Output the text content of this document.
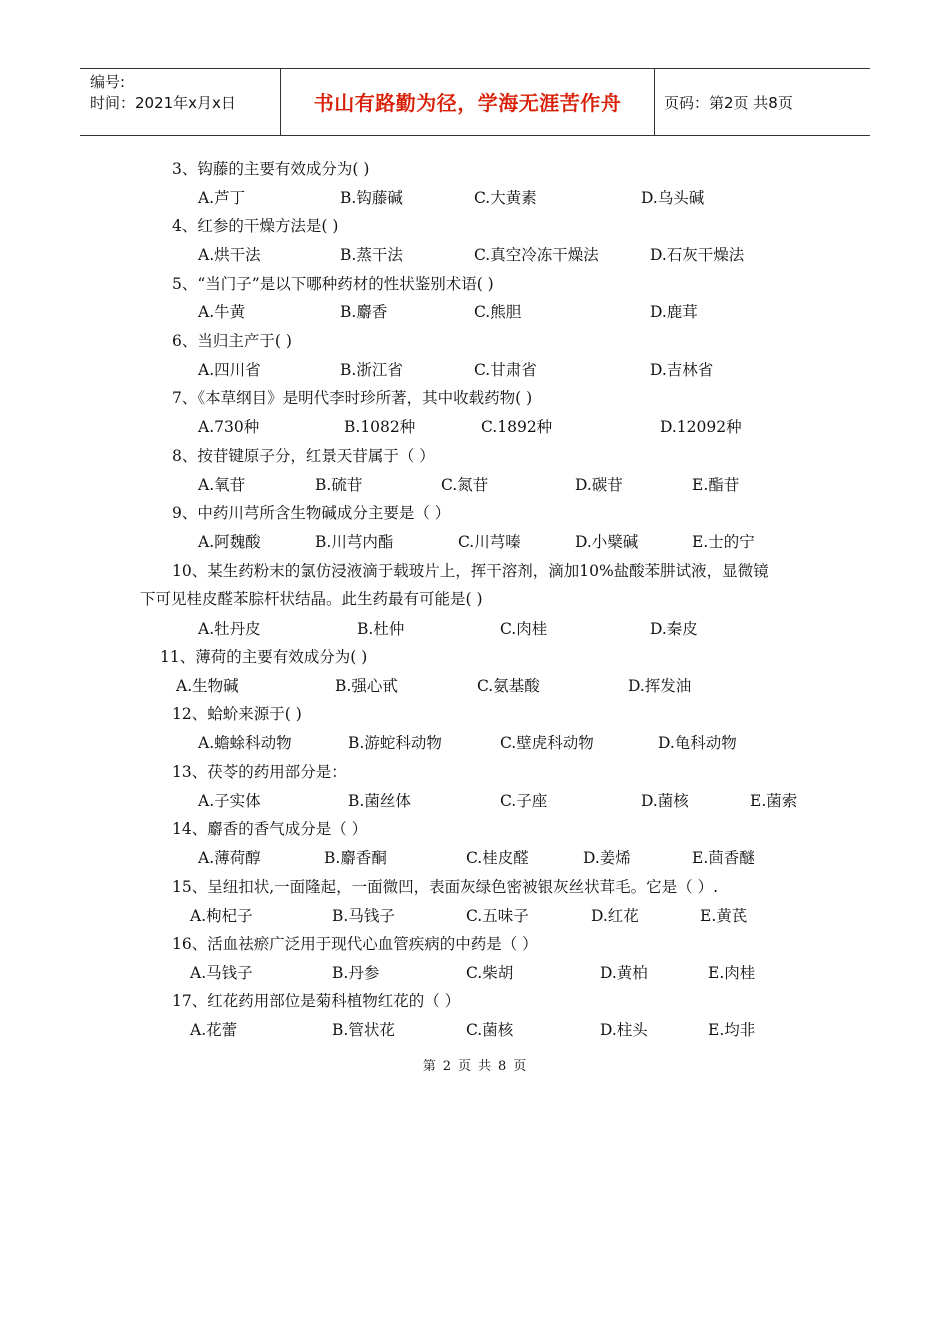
编号:
时间：2021年x月x日	书山有路勤为径，学海无涯苦作舟	页码：第2页 共8页
3、钩藤的主要有效成分为( )
A.芦丁	B.钩藤碱	C.大黄素	D.乌头碱
4、红参的干燥方法是( )
A.烘干法	B.蒸干法	C.真空冷冻干燥法	D.石灰干燥法
5、“当门子”是以下哪种药材的性状鉴别术语( )
A.牛黄	B.麝香	C.熊胆	D.鹿茸
6、当归主产于( )
A.四川省	B.浙江省	C.甘肃省	D.吉林省
7、《本草纲目》是明代李时珍所著，其中收载药物( )
A.730种	B.1082种	C.1892种	D.12092种
8、按苷键原子分，红景天苷属于（ ）
A.氧苷	B.硫苷	C.氮苷	D.碳苷	E.酯苷
9、中药川芎所含生物碱成分主要是（ ）
A.阿魏酸	B.川芎内酯	C.川芎嗪	D.小檗碱	E.士的宁
10、某生药粉末的氯仿浸液滴于载玻片上，挥干溶剂，滴加10%盐酸苯肼试液，显微镜
下可见桂皮醛苯腙杆状结晶。此生药最有可能是( )
A.牡丹皮	B.杜仲	C.肉桂	D.秦皮
11、薄荷的主要有效成分为( )
A.生物碱	B.强心甙	C.氨基酸	D.挥发油
12、蛤蚧来源于( )
A.蟾蜍科动物	B.游蛇科动物	C.壁虎科动物	D.龟科动物
13、茯苓的药用部分是：
A.子实体	B.菌丝体	C.子座	D.菌核	E.菌索
14、麝香的香气成分是（ ）
A.薄荷醇	B.麝香酮	C.桂皮醛	D.姜烯	E.茴香醚
15、呈纽扣状,一面隆起，一面微凹，表面灰绿色密被银灰丝状茸毛。它是（ ）.
A.枸杞子	B.马钱子	C.五味子	D.红花	E.黄芪
16、活血祛瘀广泛用于现代心血管疾病的中药是（ ）
A.马钱子	B.丹参	C.柴胡	D.黄柏	E.肉桂
17、红花药用部位是菊科植物红花的（ ）
A.花蕾	B.管状花	C.菌核	D.柱头	E.均非
第 2 页 共 8 页
